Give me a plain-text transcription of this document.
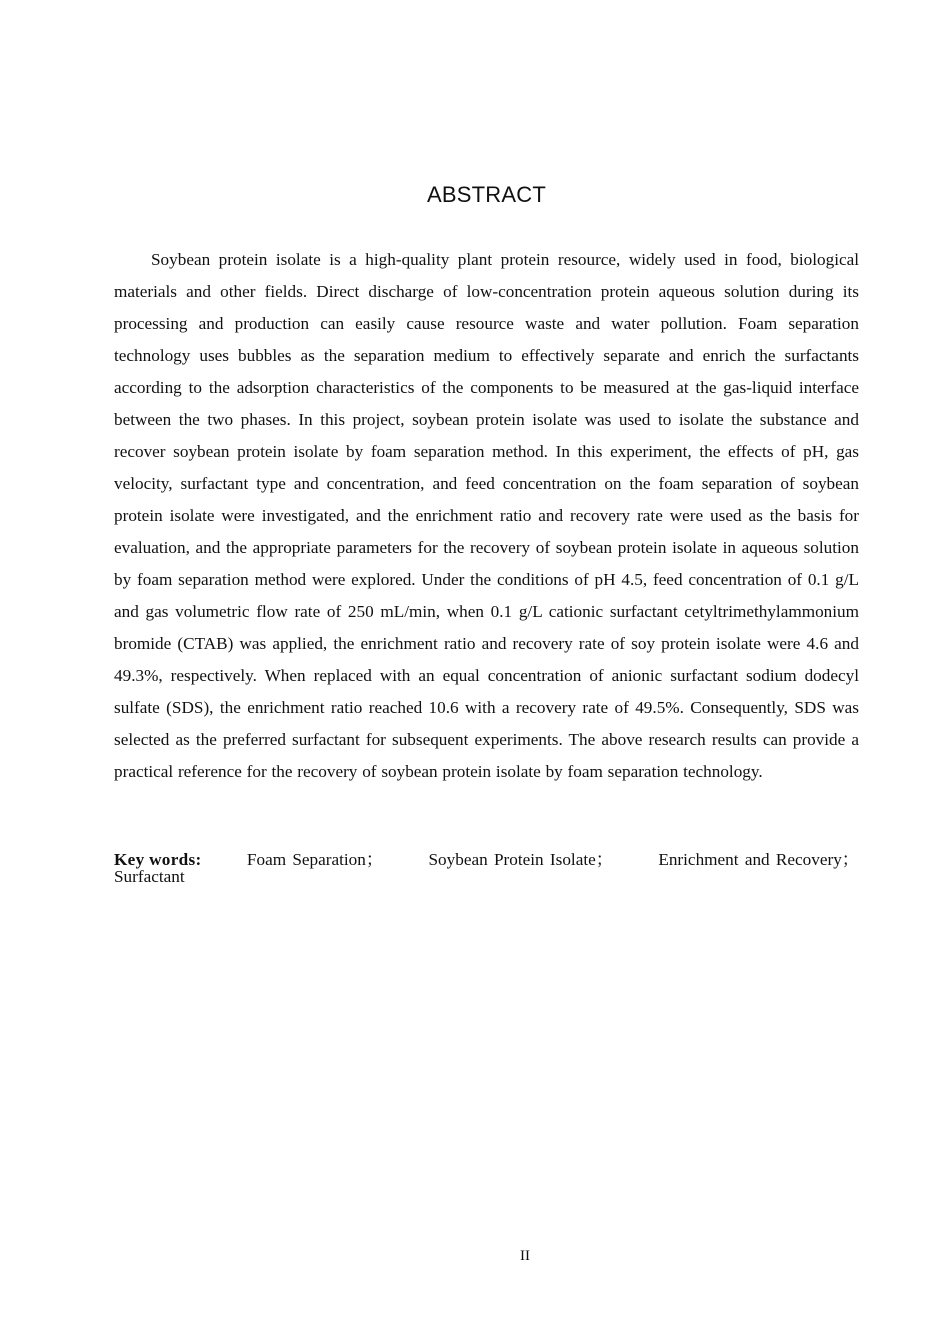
ABSTRACT

Soybean protein isolate is a high-quality plant protein resource, widely used in food, biological materials and other fields. Direct discharge of low-concentration protein aqueous solution during its processing and production can easily cause resource waste and water pollution. Foam separation technology uses bubbles as the separation medium to effectively separate and enrich the surfactants according to the adsorption characteristics of the components to be measured at the gas-liquid interface between the two phases. In this project, soybean protein isolate was used to isolate the substance and recover soybean protein isolate by foam separation method. In this experiment, the effects of pH, gas velocity, surfactant type and concentration, and feed concentration on the foam separation of soybean protein isolate were investigated, and the enrichment ratio and recovery rate were used as the basis for evaluation, and the appropriate parameters for the recovery of soybean protein isolate in aqueous solution by foam separation method were explored. Under the conditions of pH 4.5, feed concentration of 0.1 g/L and gas volumetric flow rate of 250 mL/min, when 0.1 g/L cationic surfactant cetyltrimethylammonium bromide (CTAB) was applied, the enrichment ratio and recovery rate of soy protein isolate were 4.6 and 49.3%, respectively. When replaced with an equal concentration of anionic surfactant sodium dodecyl sulfate (SDS), the enrichment ratio reached 10.6 with a recovery rate of 49.5%. Consequently, SDS was selected as the preferred surfactant for subsequent experiments. The above research results can provide a practical reference for the recovery of soybean protein isolate by foam separation technology.

Key words:	Foam Separation；	Soybean Protein Isolate；	Enrichment and Recovery；
Surfactant
II
